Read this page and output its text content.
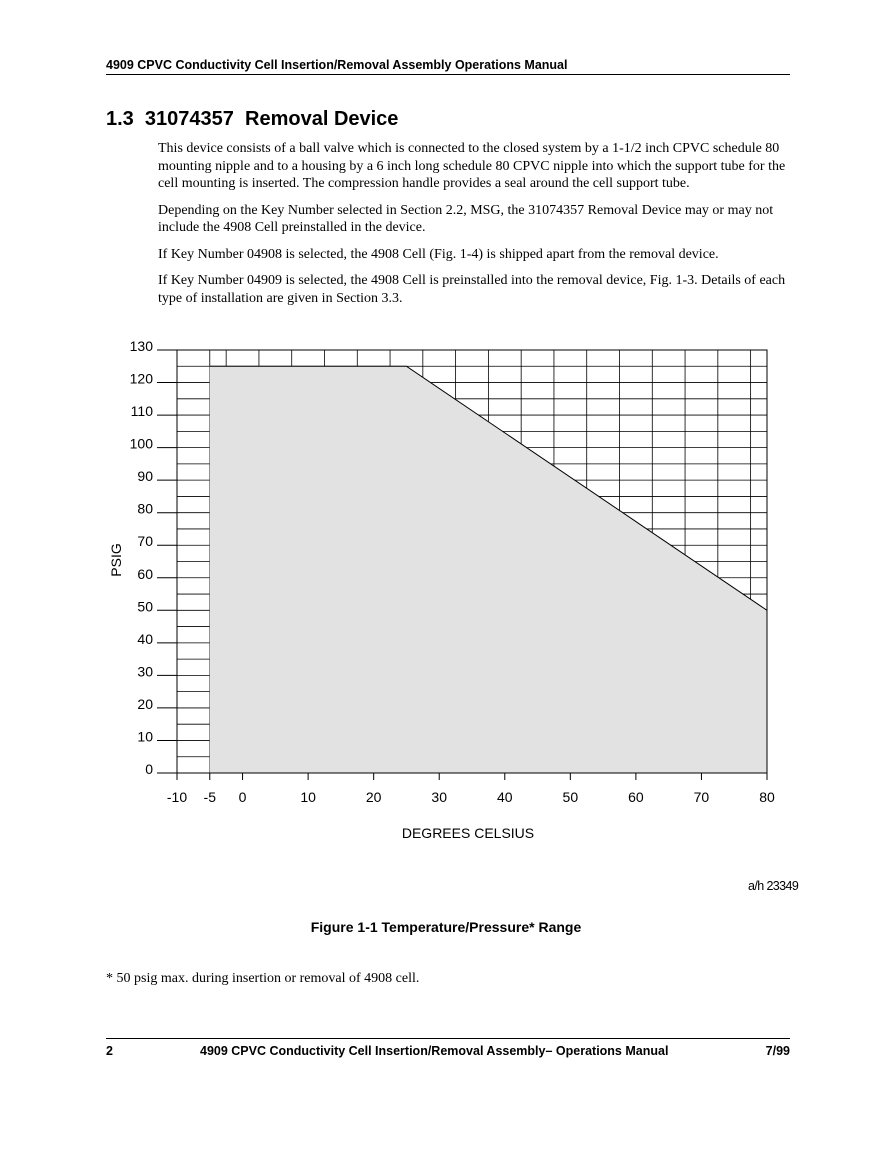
4909 CPVC Conductivity Cell Insertion/Removal Assembly Operations Manual
1.3  31074357  Removal Device

This device consists of a ball valve which is connected to the closed system by a 1-1/2 inch CPVC schedule 80 mounting nipple and to a housing by a 6 inch long schedule 80 CPVC nipple into which the support tube for the cell mounting is inserted. The compression handle provides a seal around the cell support tube.

Depending on the Key Number selected in Section 2.2, MSG, the 31074357 Removal Device may or may not include the 4908 Cell preinstalled in the device.

If Key Number 04908 is selected, the 4908 Cell (Fig. 1-4) is shipped apart from the removal device.

If Key Number 04909 is selected, the 4908 Cell is preinstalled into the removal device, Fig. 1-3. Details of each type of installation are given in Section 3.3.

-10 -5 0	10	20	30	40	50	60	70	80
0
10
20
30
40
50
60
70
80
90
100
110
120
130
DEGREES CELSIUS
PSIG
a/h 23349
Figure 1-1 Temperature/Pressure* Range
* 50 psig max. during insertion or removal of 4908 cell.
2	4909 CPVC Conductivity Cell Insertion/Removal Assembly– Operations Manual	7/99
